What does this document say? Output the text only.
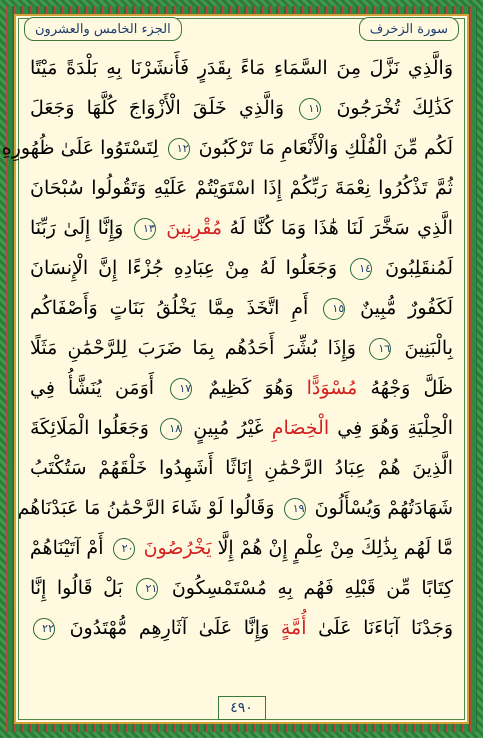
سورة الزخرف
الجزء الخامس والعشرون
وَالَّذِي نَزَّلَ مِنَ السَّمَاءِ مَاءً بِقَدَرٍ فَأَنشَرْنَا بِهِ بَلْدَةً مَيْتًا
كَذَٰلِكَ تُخْرَجُونَ ١١ وَالَّذِي خَلَقَ الْأَزْوَاجَ كُلَّهَا وَجَعَلَ
لَكُم مِّنَ الْفُلْكِ وَالْأَنْعَامِ مَا تَرْكَبُونَ ١٢ لِتَسْتَوُوا عَلَىٰ ظُهُورِهِ
ثُمَّ تَذْكُرُوا نِعْمَةَ رَبِّكُمْ إِذَا اسْتَوَيْتُمْ عَلَيْهِ وَتَقُولُوا سُبْحَانَ
الَّذِي سَخَّرَ لَنَا هَٰذَا وَمَا كُنَّا لَهُ مُقْرِنِينَ ١٣ وَإِنَّا إِلَىٰ رَبِّنَا
لَمُنقَلِبُونَ ١٤ وَجَعَلُوا لَهُ مِنْ عِبَادِهِ جُزْءًا إِنَّ الْإِنسَانَ
لَكَفُورٌ مُّبِينٌ ١٥ أَمِ اتَّخَذَ مِمَّا يَخْلُقُ بَنَاتٍ وَأَصْفَاكُم
بِالْبَنِينَ ١٦ وَإِذَا بُشِّرَ أَحَدُهُم بِمَا ضَرَبَ لِلرَّحْمَٰنِ مَثَلًا
ظَلَّ وَجْهُهُ مُسْوَدًّا وَهُوَ كَظِيمٌ ١٧ أَوَمَن يُنَشَّأُ فِي
الْحِلْيَةِ وَهُوَ فِي الْخِصَامِ غَيْرُ مُبِينٍ ١٨ وَجَعَلُوا الْمَلَائِكَةَ
الَّذِينَ هُمْ عِبَادُ الرَّحْمَٰنِ إِنَاثًا أَشَهِدُوا خَلْقَهُمْ سَتُكْتَبُ
شَهَادَتُهُمْ وَيُسْأَلُونَ ١٩ وَقَالُوا لَوْ شَاءَ الرَّحْمَٰنُ مَا عَبَدْنَاهُم
مَّا لَهُم بِذَٰلِكَ مِنْ عِلْمٍ إِنْ هُمْ إِلَّا يَخْرُصُونَ ٢٠ أَمْ آتَيْنَاهُمْ
كِتَابًا مِّن قَبْلِهِ فَهُم بِهِ مُسْتَمْسِكُونَ ٢١ بَلْ قَالُوا إِنَّا
وَجَدْنَا آبَاءَنَا عَلَىٰ أُمَّةٍ وَإِنَّا عَلَىٰ آثَارِهِم مُّهْتَدُونَ ٢٢
٤٩٠
